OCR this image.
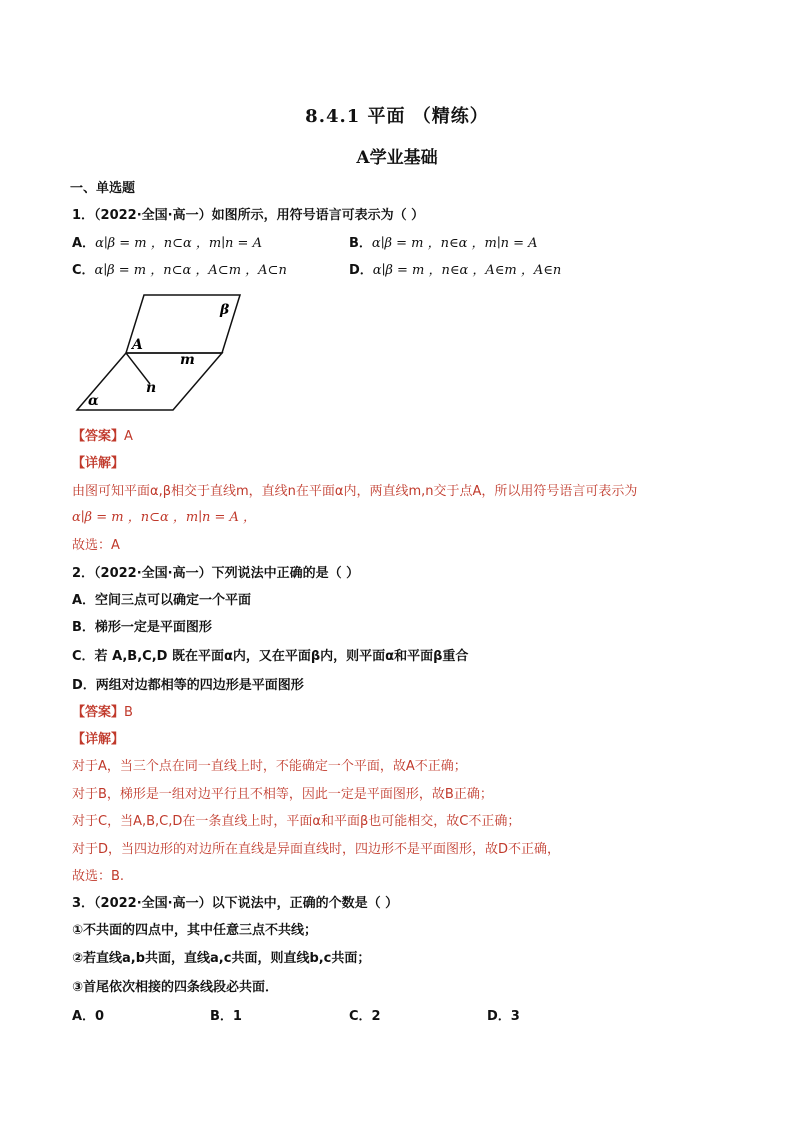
8.4.1 平面 （精练）
A学业基础
一、单选题
1．（2022·全国·高一）如图所示，用符号语言可表示为（ ）
A．α∣β = m ，n⊂α ，m∣n = A	B．α∣β = m ，n∈α ，m∣n = A
C．α∣β = m ，n⊂α ，A⊂m ，A⊂n	D．α∣β = m ，n∈α ，A∈m ，A∈n
β
A
m
n
α
【答案】A
【详解】
由图可知平面α,β相交于直线m，直线n在平面α内，两直线m,n交于点A，所以用符号语言可表示为
α∣β = m ，n⊂α ，m∣n = A ，
故选：A
2．（2022·全国·高一）下列说法中正确的是（ ）
A．空间三点可以确定一个平面
B．梯形一定是平面图形
C．若 A,B,C,D 既在平面α内，又在平面β内，则平面α和平面β重合
D．两组对边都相等的四边形是平面图形
【答案】B
【详解】
对于A，当三个点在同一直线上时，不能确定一个平面，故A不正确；
对于B，梯形是一组对边平行且不相等，因此一定是平面图形，故B正确；
对于C，当A,B,C,D在一条直线上时，平面α和平面β也可能相交，故C不正确；
对于D，当四边形的对边所在直线是异面直线时，四边形不是平面图形，故D不正确，
故选：B.
3．（2022·全国·高一）以下说法中，正确的个数是（ ）
①不共面的四点中，其中任意三点不共线；
②若直线a,b共面，直线a,c共面，则直线b,c共面；
③首尾依次相接的四条线段必共面．
A．0	B．1	C．2	D．3
